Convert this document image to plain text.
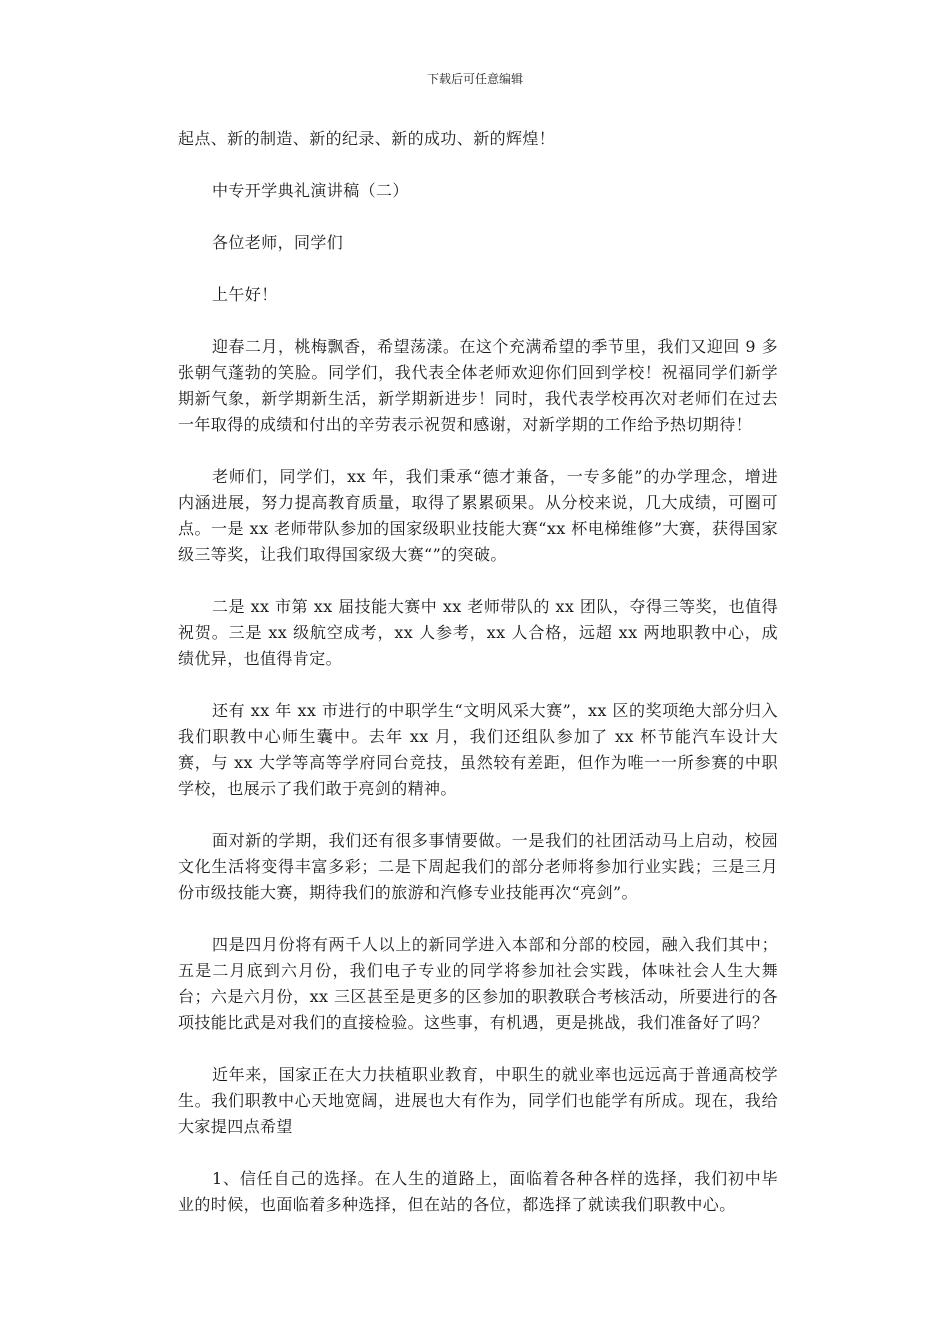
下载后可任意编辑

起点、新的制造、新的纪录、新的成功、新的辉煌！

中专开学典礼演讲稿（二）

各位老师，同学们

上午好！

迎春二月，桃梅飘香，希望荡漾。在这个充满希望的季节里，我们又迎回 9 多张朝气蓬勃的笑脸。同学们，我代表全体老师欢迎你们回到学校！祝福同学们新学期新气象，新学期新生活，新学期新进步！同时，我代表学校再次对老师们在过去一年取得的成绩和付出的辛劳表示祝贺和感谢，对新学期的工作给予热切期待！

老师们，同学们，xx 年，我们秉承“德才兼备，一专多能”的办学理念，增进内涵进展，努力提高教育质量，取得了累累硕果。从分校来说，几大成绩，可圈可点。一是 xx 老师带队参加的国家级职业技能大赛“xx 杯电梯维修”大赛，获得国家级三等奖，让我们取得国家级大赛“”的突破。

二是 xx 市第 xx 届技能大赛中 xx 老师带队的 xx 团队，夺得三等奖，也值得祝贺。三是 xx 级航空成考，xx 人参考，xx 人合格，远超 xx 两地职教中心，成绩优异，也值得肯定。

还有 xx 年 xx 市进行的中职学生“文明风采大赛”，xx 区的奖项绝大部分归入我们职教中心师生囊中。去年 xx 月，我们还组队参加了 xx 杯节能汽车设计大赛，与 xx 大学等高等学府同台竞技，虽然较有差距，但作为唯一一所参赛的中职学校，也展示了我们敢于亮剑的精神。

面对新的学期，我们还有很多事情要做。一是我们的社团活动马上启动，校园文化生活将变得丰富多彩；二是下周起我们的部分老师将参加行业实践；三是三月份市级技能大赛，期待我们的旅游和汽修专业技能再次“亮剑”。

四是四月份将有两千人以上的新同学进入本部和分部的校园，融入我们其中；五是二月底到六月份，我们电子专业的同学将参加社会实践，体味社会人生大舞台；六是六月份，xx 三区甚至是更多的区参加的职教联合考核活动，所要进行的各项技能比武是对我们的直接检验。这些事，有机遇，更是挑战，我们准备好了吗？

近年来，国家正在大力扶植职业教育，中职生的就业率也远远高于普通高校学生。我们职教中心天地宽阔，进展也大有作为，同学们也能学有所成。现在，我给大家提四点希望

1、信任自己的选择。在人生的道路上，面临着各种各样的选择，我们初中毕业的时候，也面临着多种选择，但在站的各位，都选择了就读我们职教中心。
